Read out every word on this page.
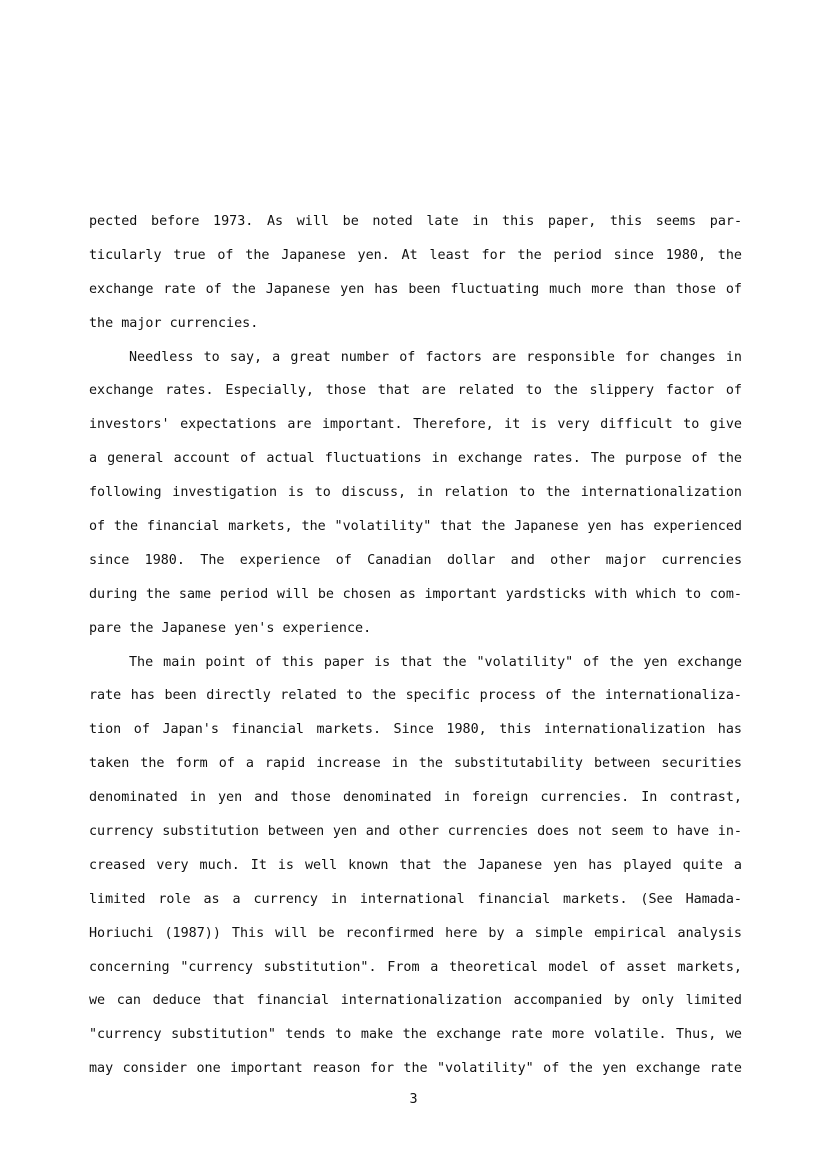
pected before 1973. As will be noted late in this paper, this seems par-
ticularly true of the Japanese yen. At least for the period since 1980, the
exchange rate of the Japanese yen has been fluctuating much more than those of
the major currencies.
Needless to say, a great number of factors are responsible for changes in
exchange rates. Especially, those that are related to the slippery factor of
investors' expectations are important. Therefore, it is very difficult to give
a general account of actual fluctuations in exchange rates. The purpose of the
following investigation is to discuss, in relation to the internationalization
of the financial markets, the "volatility" that the Japanese yen has experienced
since 1980. The experience of Canadian dollar and other major currencies
during the same period will be chosen as important yardsticks with which to com-
pare the Japanese yen's experience.
The main point of this paper is that the "volatility" of the yen exchange
rate has been directly related to the specific process of the internationaliza-
tion of Japan's financial markets. Since 1980, this internationalization has
taken the form of a rapid increase in the substitutability between securities
denominated in yen and those denominated in foreign currencies. In contrast,
currency substitution between yen and other currencies does not seem to have in-
creased very much. It is well known that the Japanese yen has played quite a
limited role as a currency in international financial markets. (See Hamada-
Horiuchi (1987)) This will be reconfirmed here by a simple empirical analysis
concerning "currency substitution". From a theoretical model of asset markets,
we can deduce that financial internationalization accompanied by only limited
"currency substitution" tends to make the exchange rate more volatile. Thus, we
may consider one important reason for the "volatility" of the yen exchange rate
3
